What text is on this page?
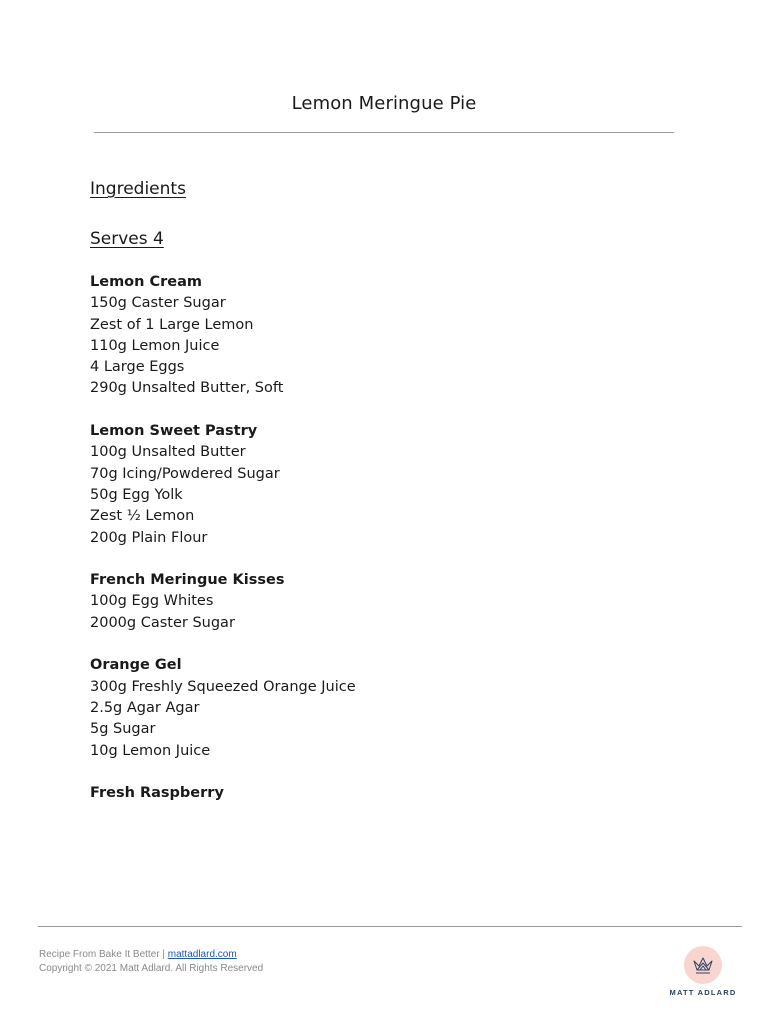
Lemon Meringue Pie
Ingredients
Serves 4
Lemon Cream
150g Caster Sugar
Zest of 1 Large Lemon
110g Lemon Juice
4 Large Eggs
290g Unsalted Butter, Soft
Lemon Sweet Pastry
100g Unsalted Butter
70g Icing/Powdered Sugar
50g Egg Yolk
Zest ½ Lemon
200g Plain Flour
French Meringue Kisses
100g Egg Whites
2000g Caster Sugar
Orange Gel
300g Freshly Squeezed Orange Juice
2.5g Agar Agar
5g Sugar
10g Lemon Juice
Fresh Raspberry
Recipe From Bake It Better | mattadlard.com
Copyright © 2021 Matt Adlard. All Rights Reserved
MATT ADLARD
